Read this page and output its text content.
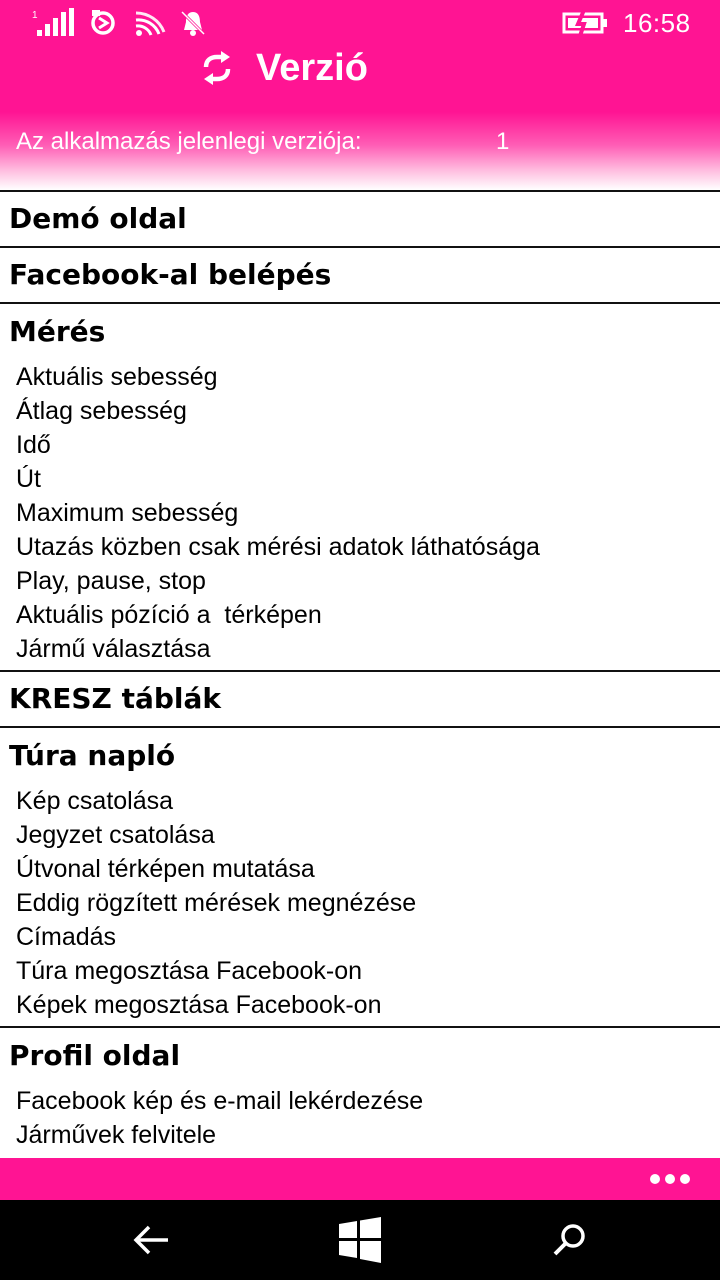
1	16:58
Verzió
Az alkalmazás jelenlegi verziója:	1
Demó oldal
Facebook-al belépés
Mérés
Aktuális sebesség
Átlag sebesség
Idő
Út
Maximum sebesség
Utazás közben csak mérési adatok láthatósága
Play, pause, stop
Aktuális pózíció a  térképen
Jármű választása
KRESZ táblák
Túra napló
Kép csatolása
Jegyzet csatolása
Útvonal térképen mutatása
Eddig rögzített mérések megnézése
Címadás
Túra megosztása Facebook-on
Képek megosztása Facebook-on
Profil oldal
Facebook kép és e-mail lekérdezése
Járművek felvitele
